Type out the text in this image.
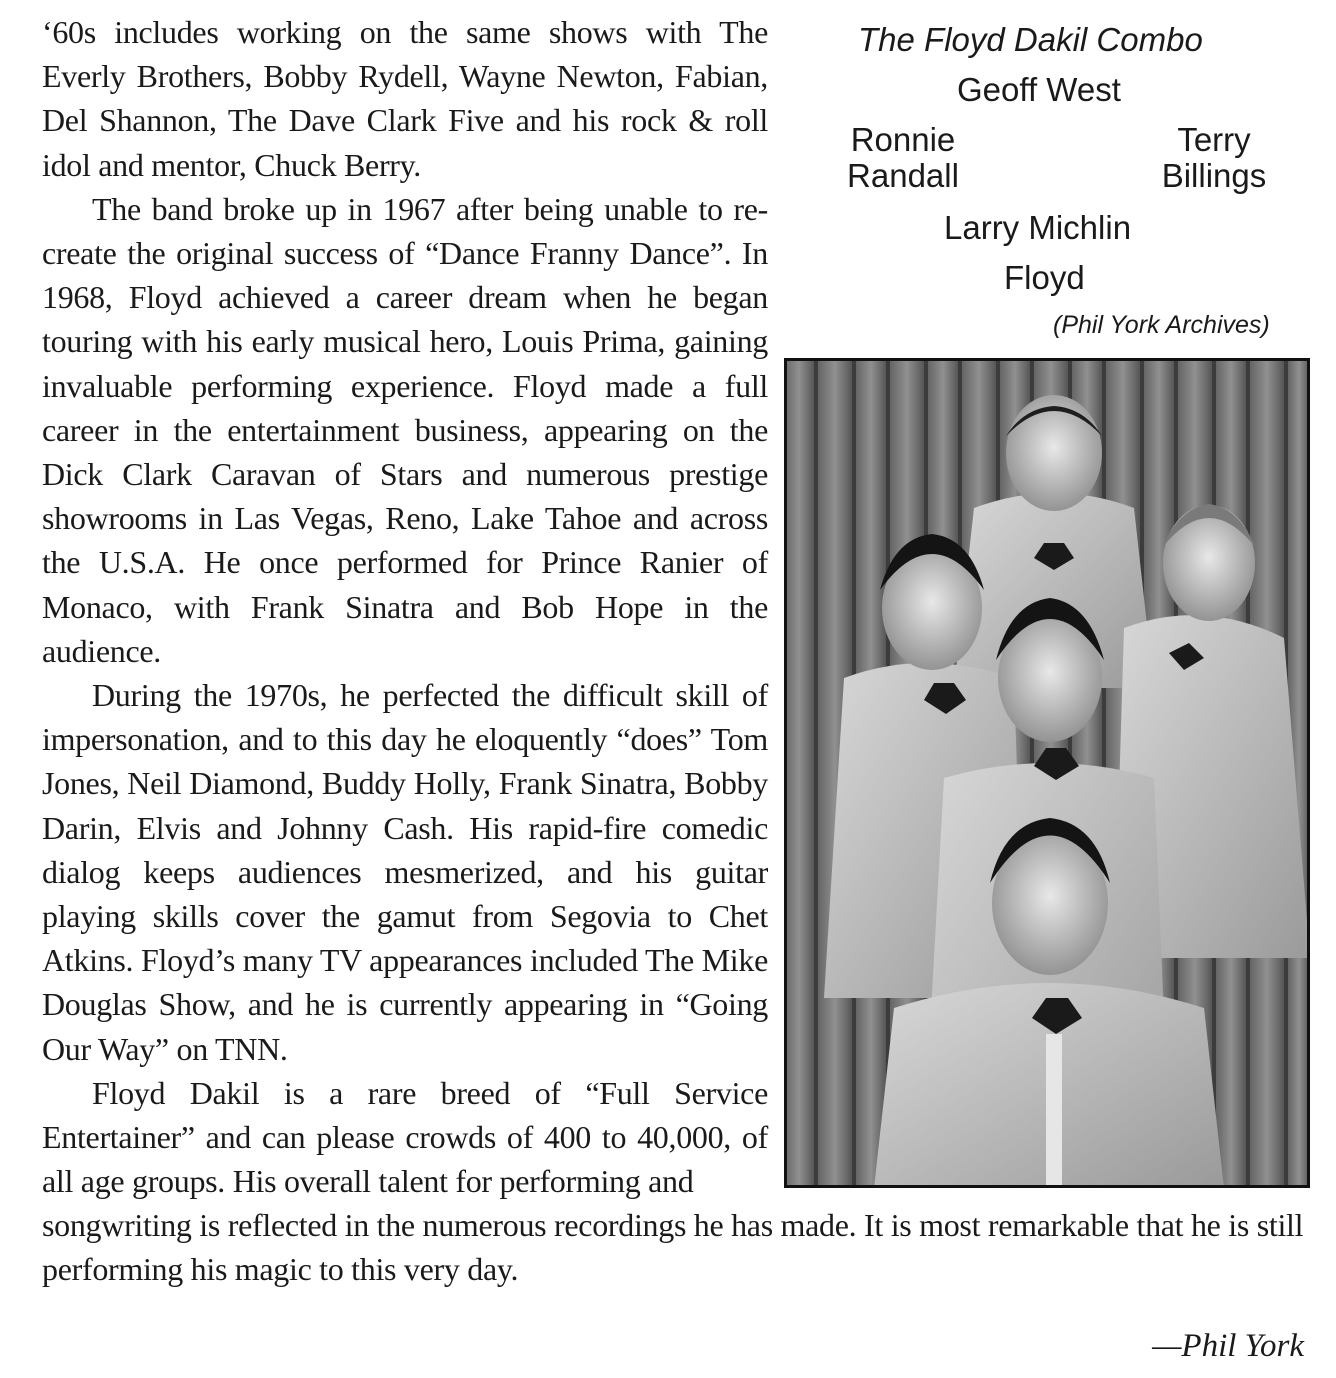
‘60s includes working on the same shows with The Everly Brothers, Bobby Rydell, Wayne Newton, Fabian, Del Shannon, The Dave Clark Five and his rock & roll idol and mentor, Chuck Berry.

The band broke up in 1967 after being unable to re-create the original success of “Dance Franny Dance”. In 1968, Floyd achieved a career dream when he began touring with his early musical hero, Louis Prima, gaining invaluable performing experience. Floyd made a full career in the entertainment business, appearing on the Dick Clark Caravan of Stars and numerous prestige showrooms in Las Vegas, Reno, Lake Tahoe and across the U.S.A. He once performed for Prince Ranier of Monaco, with Frank Sinatra and Bob Hope in the audience.

During the 1970s, he perfected the difficult skill of impersonation, and to this day he eloquently “does” Tom Jones, Neil Diamond, Buddy Holly, Frank Sinatra, Bobby Darin, Elvis and Johnny Cash. His rapid-fire comedic dialog keeps audiences mesmerized, and his guitar playing skills cover the gamut from Segovia to Chet Atkins. Floyd’s many TV appearances included The Mike Douglas Show, and he is currently appearing in “Going Our Way” on TNN.

Floyd Dakil is a rare breed of “Full Service Entertainer” and can please crowds of 400 to 40,000, of all age groups. His overall talent for performing and

songwriting is reflected in the numerous recordings he has made. It is most remarkable that he is still performing his magic to this very day.

—Phil York

The Floyd Dakil Combo
Geoff West
Ronnie Randall
Terry Billings
Larry Michlin
Floyd
(Phil York Archives)
